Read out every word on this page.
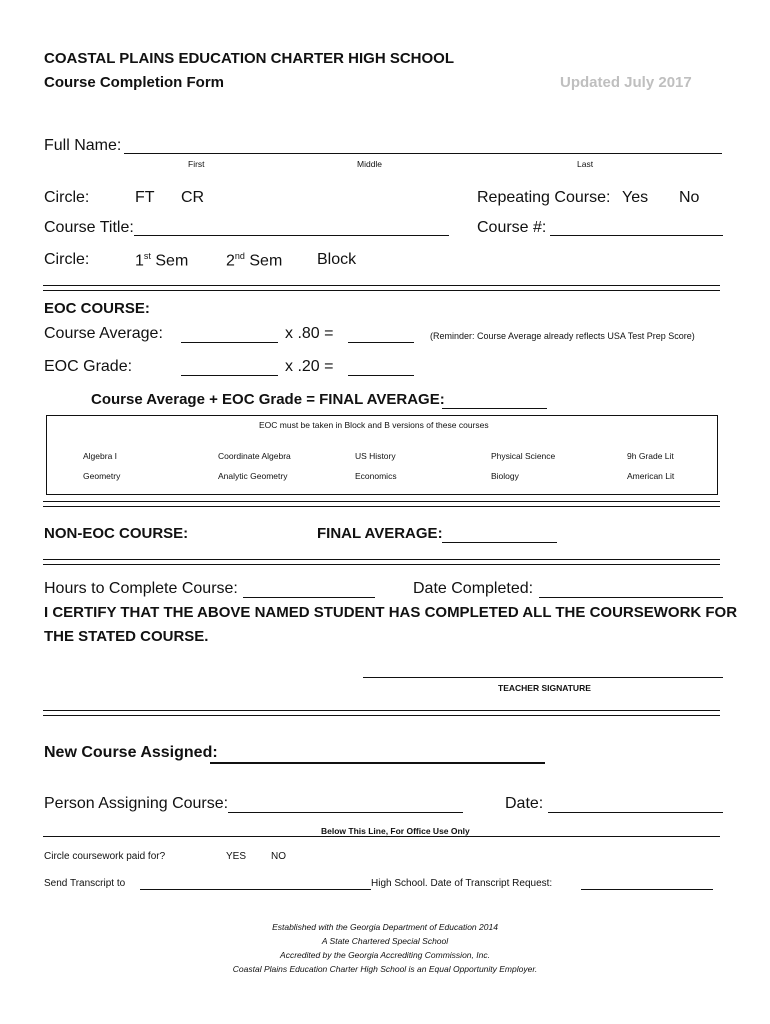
COASTAL PLAINS EDUCATION CHARTER HIGH SCHOOL
Course Completion Form	Updated July 2017
Full Name:
First	Middle	Last
Circle:	FT CR	Repeating Course: Yes No
Course Title:	Course #:
Circle:	1st Sem 2nd Sem Block
EOC COURSE:
Course Average:	x .80 =	(Reminder: Course Average already reflects USA Test Prep Score)
EOC Grade:	x .20 =
Course Average + EOC Grade = FINAL AVERAGE:
EOC must be taken in Block and B versions of these courses
Algebra I	Coordinate Algebra	US History	Physical Science	9h Grade Lit
Geometry	Analytic Geometry	Economics	Biology	American Lit
NON-EOC COURSE:	FINAL AVERAGE:
Hours to Complete Course:	Date Completed:
I CERTIFY THAT THE ABOVE NAMED STUDENT HAS COMPLETED ALL THE COURSEWORK FOR
THE STATED COURSE.
TEACHER SIGNATURE
New Course Assigned:
Person Assigning Course:	Date:
Below This Line, For Office Use Only
Circle coursework paid for?	YES NO
Send Transcript to	High School. Date of Transcript Request:
Established with the Georgia Department of Education 2014
A State Chartered Special School
Accredited by the Georgia Accrediting Commission, Inc.
Coastal Plains Education Charter High School is an Equal Opportunity Employer.
